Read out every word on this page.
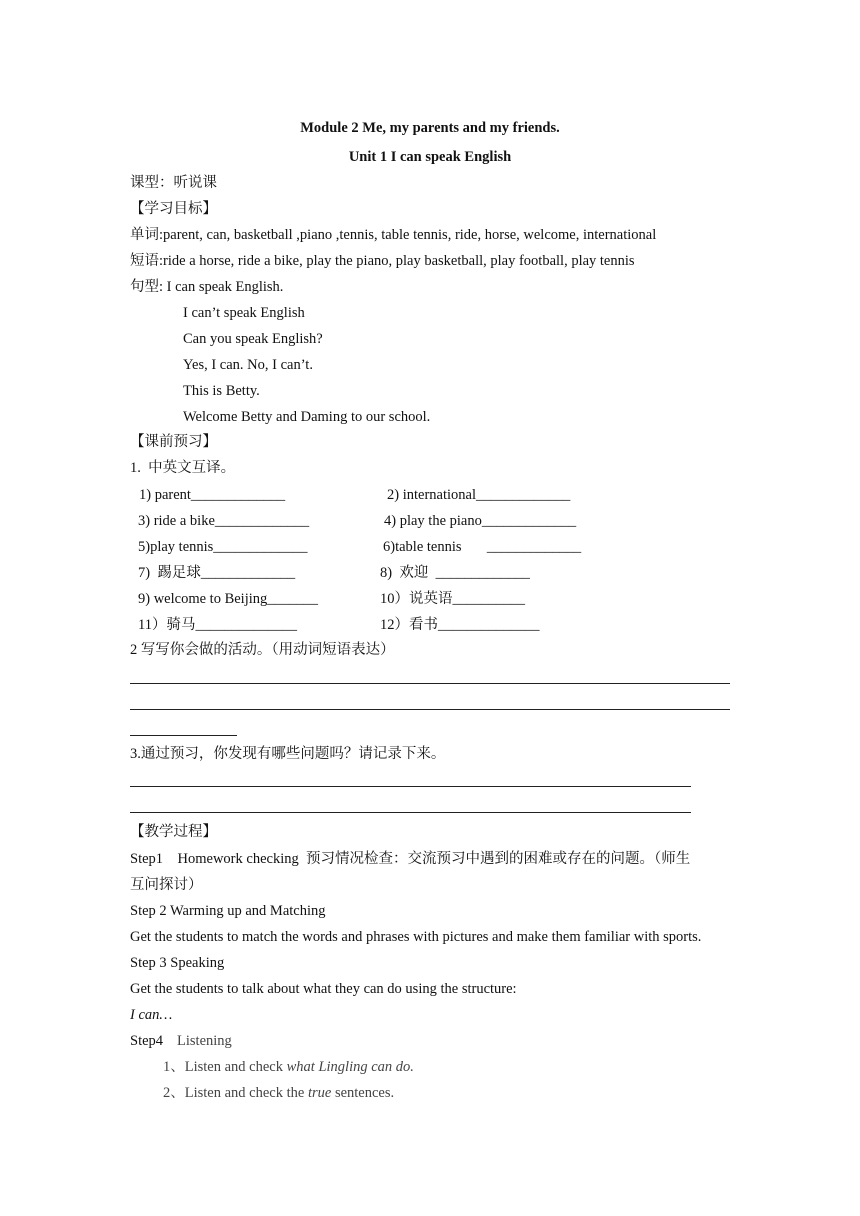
Module 2 Me, my parents and my friends.
Unit 1 I can speak English
课型：听说课
【学习目标】
单词:parent, can, basketball ,piano ,tennis, table tennis, ride, horse, welcome, international
短语:ride a horse, ride a bike, play the piano, play basketball, play football, play tennis
句型: I can speak English.
I can’t speak English
Can you speak English?
Yes, I can. No, I can’t.
This is Betty.
Welcome Betty and Daming to our school.
【课前预习】
1.  中英文互译。
1) parent_____________	2) international_____________
3) ride a bike_____________	4) play the piano_____________
5)play tennis_____________	6)table tennis       _____________
7)  踢足球_____________	8)  欢迎  _____________
9) welcome to Beijing_______	10）说英语__________
11）骑马______________	12）看书______________
2 写写你会做的活动。（用动词短语表达）
3.通过预习，你发现有哪些问题吗？请记录下来。
【教学过程】
Step1    Homework checking  预习情况检查：交流预习中遇到的困难或存在的问题。（师生
互问探讨）
Step 2 Warming up and Matching
Get the students to match the words and phrases with pictures and make them familiar with sports.
Step 3 Speaking
Get the students to talk about what they can do using the structure:
I can…
Step4 Listening
1、Listen and check what Lingling can do.
2、Listen and check the true sentences.
